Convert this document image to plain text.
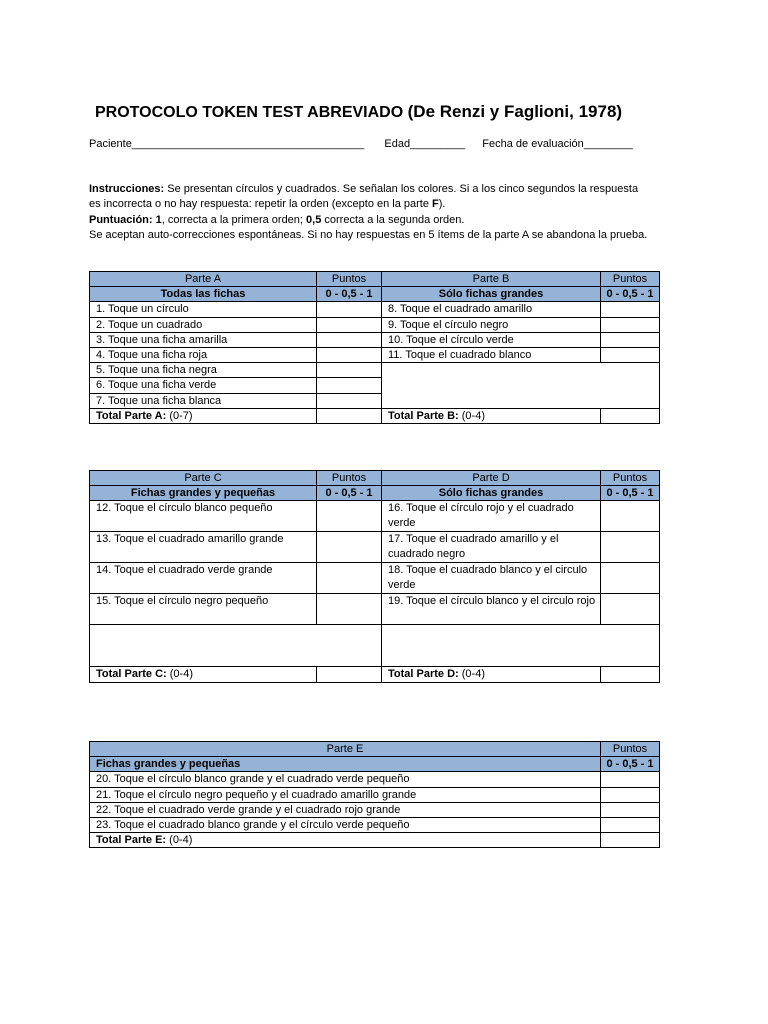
PROTOCOLO TOKEN TEST ABREVIADO (De Renzi y Faglioni, 1978)
Paciente______________________________________ Edad_________ Fecha de evaluación________

Instrucciones: Se presentan círculos y cuadrados. Se señalan los colores. Si a los cinco segundos la respuesta es incorrecta o no hay respuesta: repetir la orden (excepto en la parte F).

Puntuación: 1, correcta a la primera orden; 0,5 correcta a la segunda orden.

Se aceptan auto-correcciones espontáneas. Si no hay respuestas en 5 ítems de la parte A se abandona la prueba.

Parte A	Puntos	Parte B	Puntos
Todas las fichas	0 - 0,5 - 1	Sólo fichas grandes	0 - 0,5 - 1
1. Toque un círculo		8. Toque el cuadrado amarillo	
2. Toque un cuadrado		9. Toque el círculo negro	
3. Toque una ficha amarilla		10. Toque el círculo verde	
4. Toque una ficha roja		11. Toque el cuadrado blanco	
5. Toque una ficha negra			
6. Toque una ficha verde			
7. Toque una ficha blanca			
Total Parte A: (0-7)		Total Parte B: (0-4)	
Parte C	Puntos	Parte D	Puntos
Fichas grandes y pequeñas	0 - 0,5 - 1	Sólo fichas grandes	0 - 0,5 - 1
12. Toque el círculo blanco pequeño		16. Toque el círculo rojo y el cuadrado verde	
13. Toque el cuadrado amarillo grande		17. Toque el cuadrado amarillo y el cuadrado negro	
14. Toque el cuadrado verde grande		18. Toque el cuadrado blanco y el circulo verde	
15. Toque el círculo negro pequeño		19. Toque el círculo blanco y el circulo rojo	

Total Parte C: (0-4)		Total Parte D: (0-4)	
Parte E	Puntos
Fichas grandes y pequeñas	0 - 0,5 - 1
20. Toque el círculo blanco grande y el cuadrado verde pequeño	
21. Toque el círculo negro pequeño y el cuadrado amarillo grande	
22. Toque el cuadrado verde grande y el cuadrado rojo grande	
23. Toque el cuadrado blanco grande y el círculo verde pequeño	
Total Parte E: (0-4)	
